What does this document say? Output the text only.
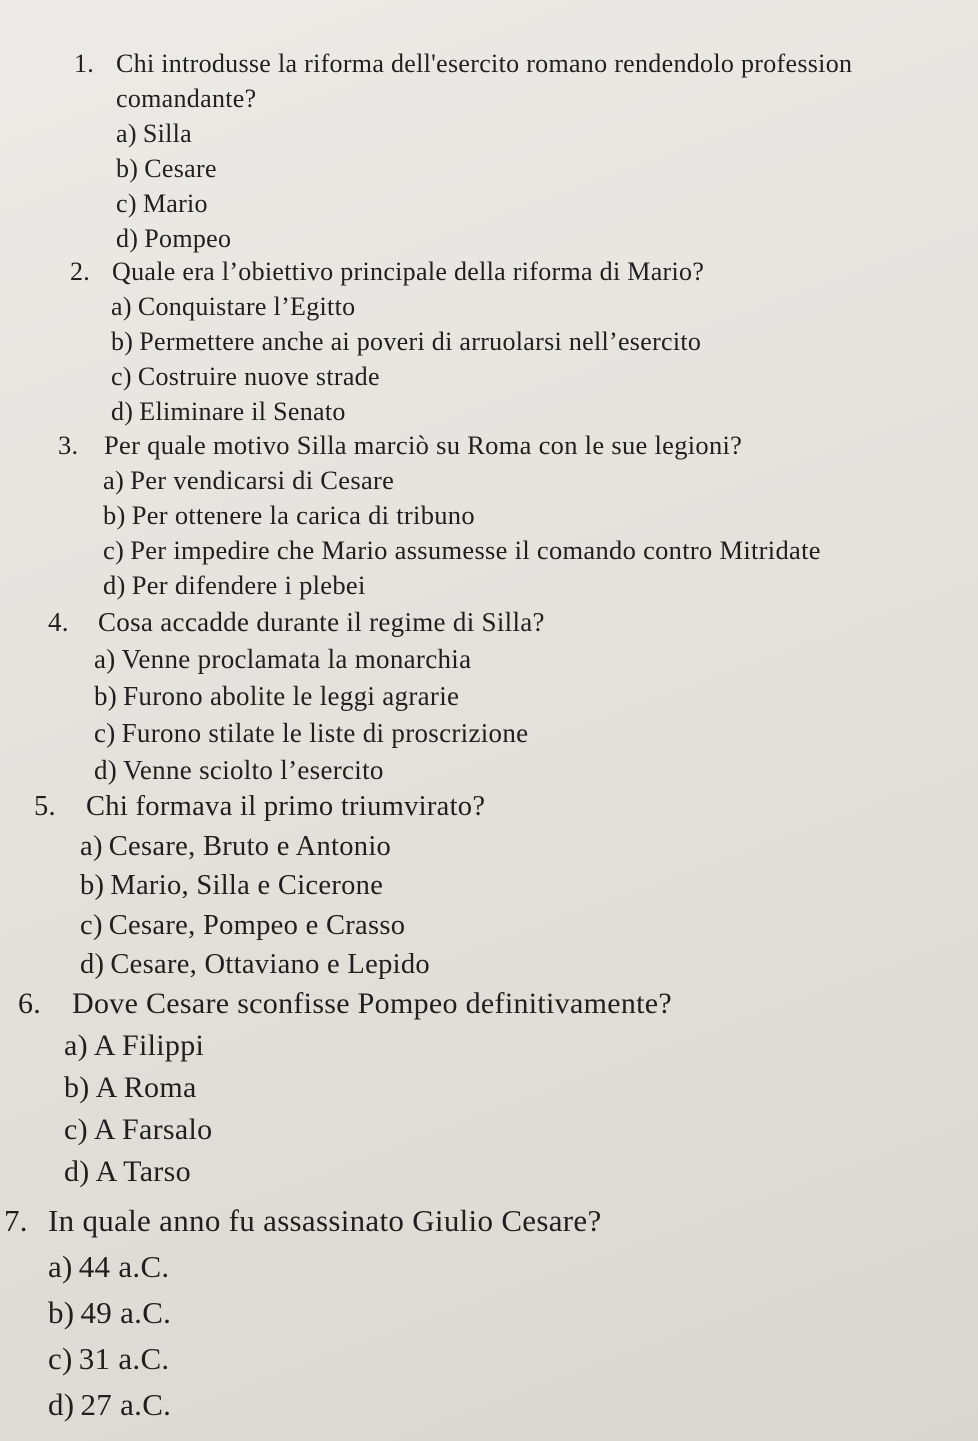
1. Chi introdusse la riforma dell'esercito romano rendendolo profession
comandante?
a) Silla
b) Cesare
c) Mario
d) Pompeo
2. Quale era l’obiettivo principale della riforma di Mario?
a) Conquistare l’Egitto
b) Permettere anche ai poveri di arruolarsi nell’esercito
c) Costruire nuove strade
d) Eliminare il Senato
3. Per quale motivo Silla marciò su Roma con le sue legioni?
a) Per vendicarsi di Cesare
b) Per ottenere la carica di tribuno
c) Per impedire che Mario assumesse il comando contro Mitridate
d) Per difendere i plebei
4.	Cosa accadde durante il regime di Silla?
a) Venne proclamata la monarchia
b) Furono abolite le leggi agrarie
c) Furono stilate le liste di proscrizione
d) Venne sciolto l’esercito
5.	Chi formava il primo triumvirato?
a) Cesare, Bruto e Antonio
b) Mario, Silla e Cicerone
c) Cesare, Pompeo e Crasso
d) Cesare, Ottaviano e Lepido
6.	Dove Cesare sconfisse Pompeo definitivamente?
a) A Filippi
b) A Roma
c) A Farsalo
d) A Tarso
7. In quale anno fu assassinato Giulio Cesare?
a) 44 a.C.
b) 49 a.C.
c) 31 a.C.
d) 27 a.C.
